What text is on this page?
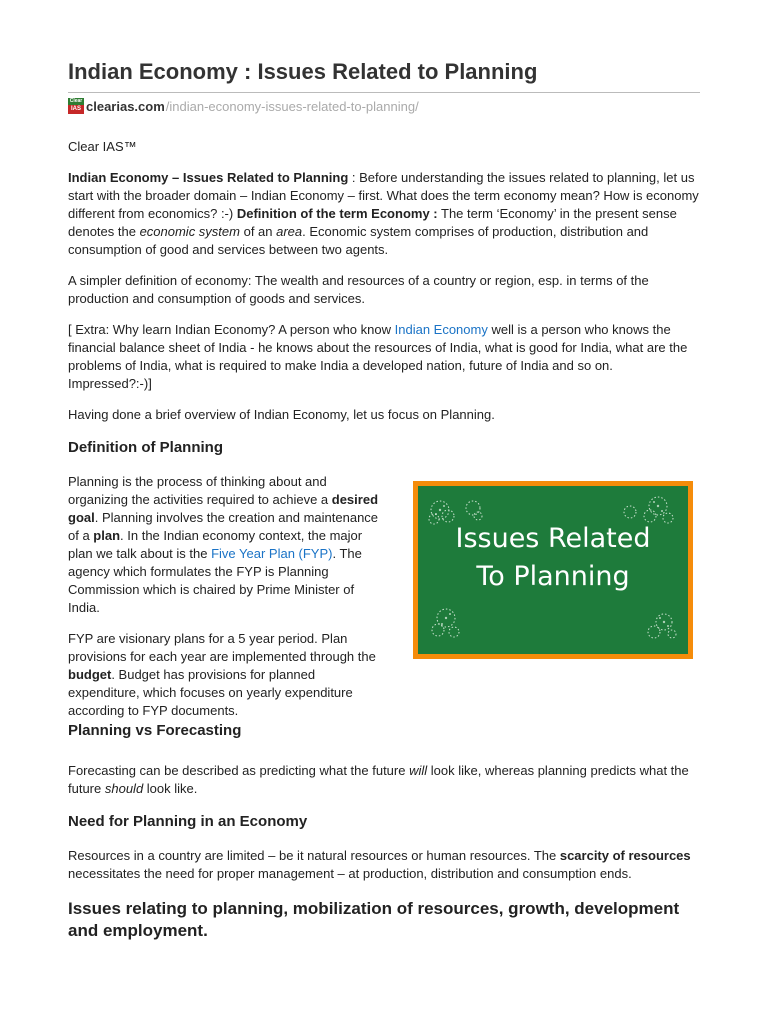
Indian Economy : Issues Related to Planning
Clear
IAS clearias.com /indian-economy-issues-related-to-planning/

Clear IAS™

Indian Economy – Issues Related to Planning : Before understanding the issues related to planning, let us start with the broader domain – Indian Economy – first. What does the term economy mean? How is economy different from economics? :-) Definition of the term Economy : The term ‘Economy’ in the present sense denotes the economic system of an area. Economic system comprises of production, distribution and consumption of good and services between two agents.

A simpler definition of economy: The wealth and resources of a country or region, esp. in terms of the production and consumption of goods and services.

[ Extra: Why learn Indian Economy? A person who know Indian Economy well is a person who knows the financial balance sheet of India - he knows about the resources of India, what is good for India, what are the problems of India, what is required to make India a developed nation, future of India and so on. Impressed?:-)]

Having done a brief overview of Indian Economy, let us focus on Planning.

Definition of Planning

Planning is the process of thinking about and organizing the activities required to achieve a desired goal. Planning involves the creation and maintenance of a plan. In the Indian economy context, the major plan we talk about is the Five Year Plan (FYP). The agency which formulates the FYP is Planning Commission which is chaired by Prime Minister of India.

FYP are visionary plans for a 5 year period. Plan provisions for each year are implemented through the budget. Budget has provisions for planned expenditure, which focuses on yearly expenditure according to FYP documents.

Issues Related
To Planning
Planning vs Forecasting

Forecasting can be described as predicting what the future will look like, whereas planning predicts what the future should look like.

Need for Planning in an Economy

Resources in a country are limited – be it natural resources or human resources. The scarcity of resources necessitates the need for proper management – at production, distribution and consumption ends.

Issues relating to planning, mobilization of resources, growth, development and employment.
